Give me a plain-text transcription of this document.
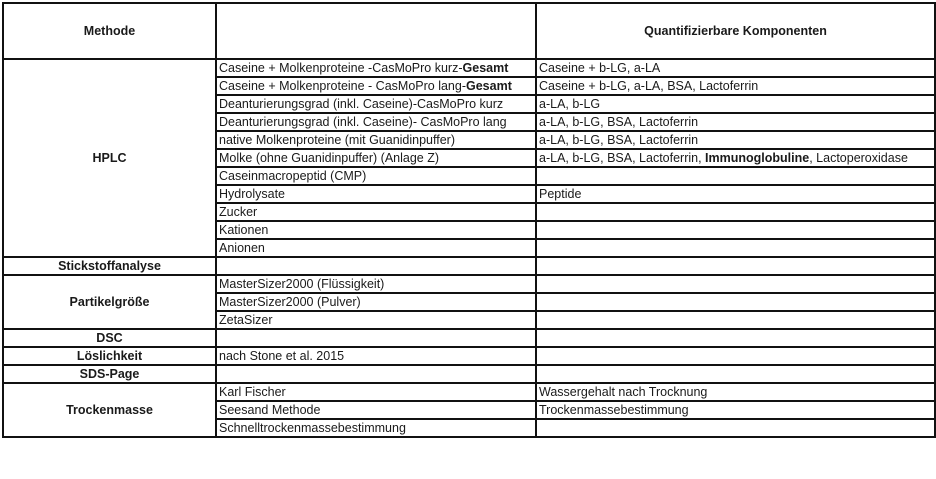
Methode		Quantifizierbare Komponenten
HPLC	Caseine + Molkenproteine -CasMoPro kurz-Gesamt	Caseine + b-LG, a-LA
	Caseine + Molkenproteine - CasMoPro lang-Gesamt	Caseine + b-LG, a-LA, BSA, Lactoferrin
	Deanturierungsgrad (inkl. Caseine)-CasMoPro kurz	a-LA, b-LG
	Deanturierungsgrad (inkl. Caseine)- CasMoPro lang	a-LA, b-LG, BSA, Lactoferrin
	native Molkenproteine (mit Guanidinpuffer)	a-LA, b-LG, BSA, Lactoferrin
	Molke (ohne Guanidinpuffer) (Anlage Z)	a-LA, b-LG, BSA, Lactoferrin, Immunoglobuline, Lactoperoxidase
	Caseinmacropeptid (CMP)	
	Hydrolysate	Peptide
	Zucker	
	Kationen	
	Anionen	
Stickstoffanalyse		
Partikelgröße	MasterSizer2000 (Flüssigkeit)	
	MasterSizer2000 (Pulver)	
	ZetaSizer	
DSC		
Löslichkeit	nach Stone et al. 2015	
SDS-Page		
Trockenmasse	Karl Fischer	Wassergehalt nach Trocknung
	Seesand Methode	Trockenmassebestimmung
	Schnelltrockenmassebestimmung	
